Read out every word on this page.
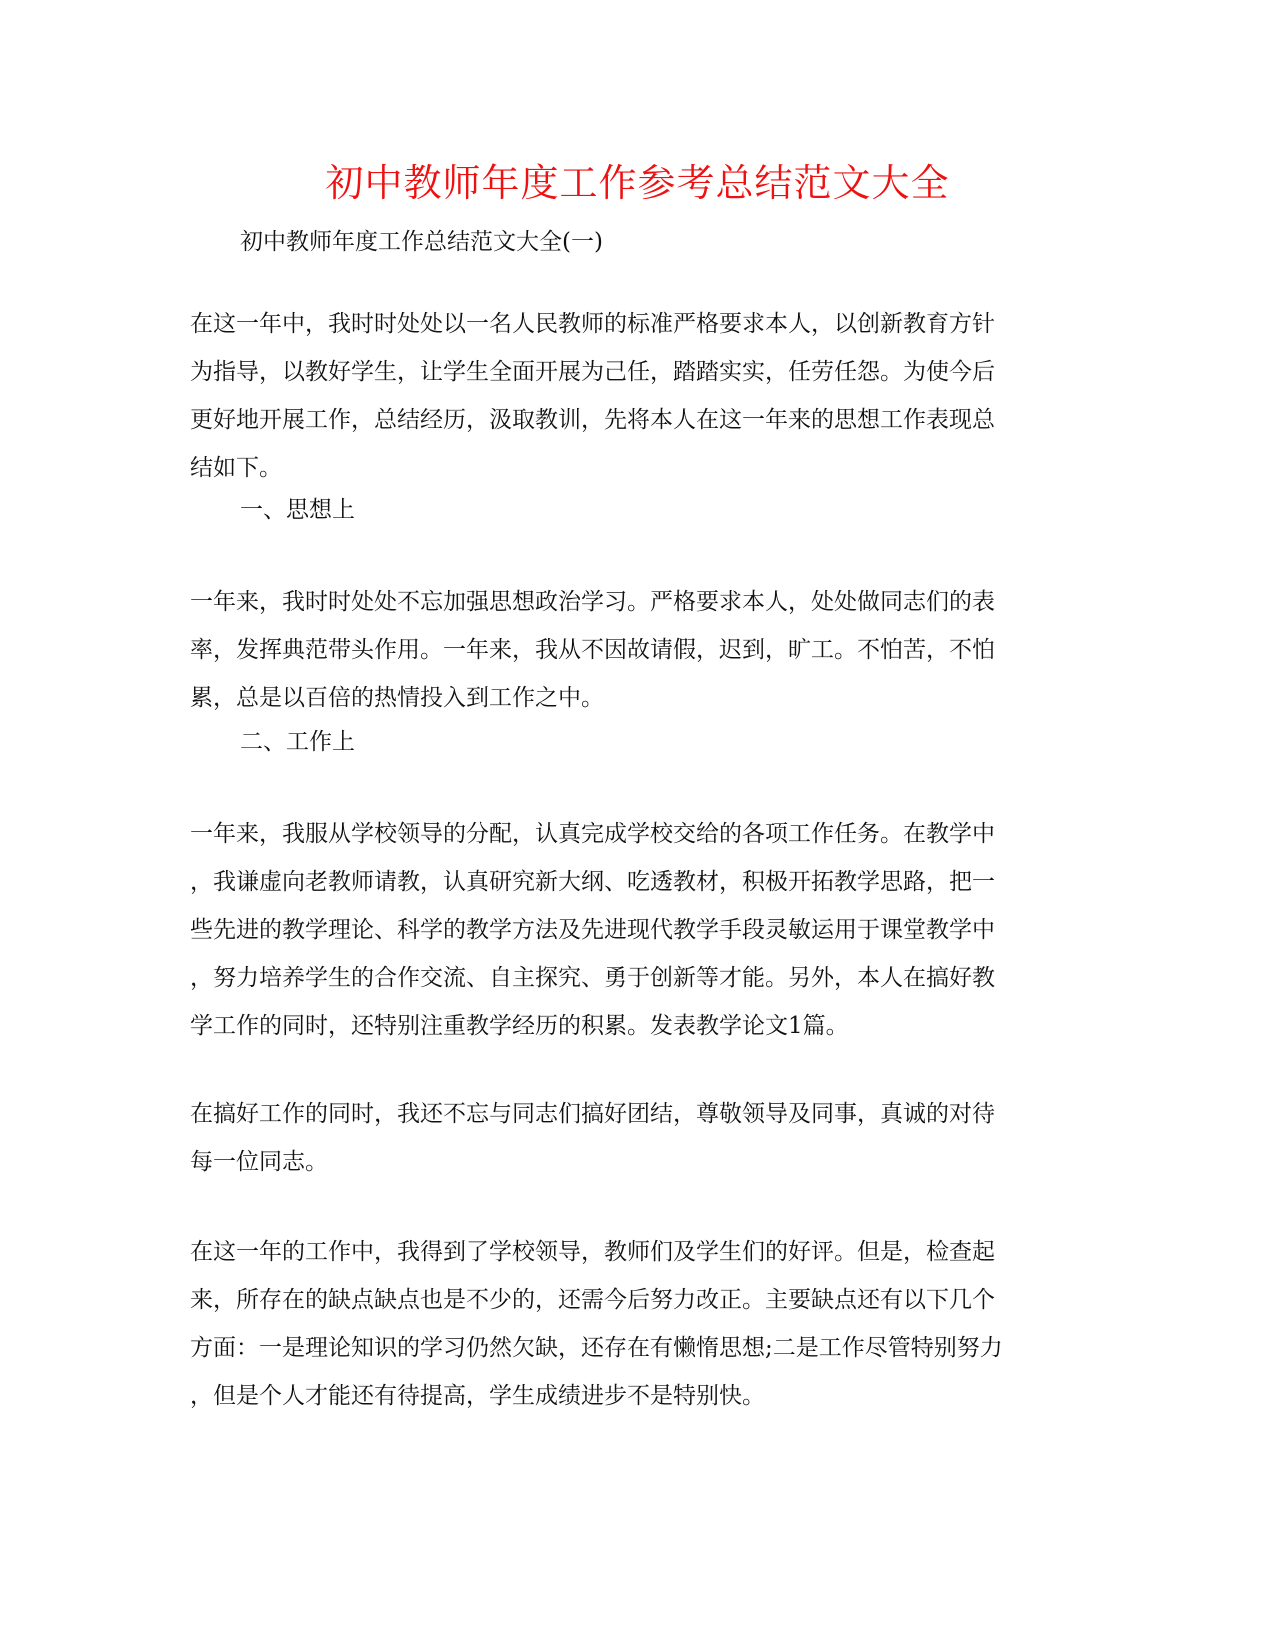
初中教师年度工作参考总结范文大全
初中教师年度工作总结范文大全(一)
在这一年中，我时时处处以一名人民教师的标准严格要求本人，以创新教育方针
为指导，以教好学生，让学生全面开展为己任，踏踏实实，任劳任怨。为使今后
更好地开展工作，总结经历，汲取教训，先将本人在这一年来的思想工作表现总
结如下。
一、思想上
一年来，我时时处处不忘加强思想政治学习。严格要求本人，处处做同志们的表
率，发挥典范带头作用。一年来，我从不因故请假，迟到，旷工。不怕苦，不怕
累，总是以百倍的热情投入到工作之中。
二、工作上
一年来，我服从学校领导的分配，认真完成学校交给的各项工作任务。在教学中
，我谦虚向老教师请教，认真研究新大纲、吃透教材，积极开拓教学思路，把一
些先进的教学理论、科学的教学方法及先进现代教学手段灵敏运用于课堂教学中
，努力培养学生的合作交流、自主探究、勇于创新等才能。另外，本人在搞好教
学工作的同时，还特别注重教学经历的积累。发表教学论文1篇。
在搞好工作的同时，我还不忘与同志们搞好团结，尊敬领导及同事，真诚的对待
每一位同志。
在这一年的工作中，我得到了学校领导，教师们及学生们的好评。但是，检查起
来，所存在的缺点缺点也是不少的，还需今后努力改正。主要缺点还有以下几个
方面：一是理论知识的学习仍然欠缺，还存在有懒惰思想;二是工作尽管特别努力
，但是个人才能还有待提高，学生成绩进步不是特别快。
